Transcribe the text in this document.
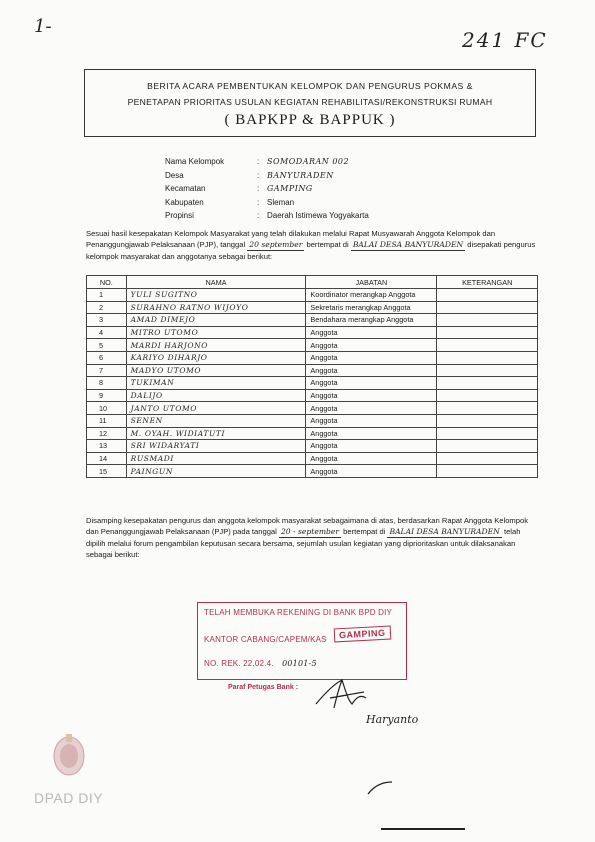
1-
241 FC
BERITA ACARA PEMBENTUKAN KELOMPOK DAN PENGURUS POKMAS &
PENETAPAN PRIORITAS USULAN KEGIATAN REHABILITASI/REKONSTRUKSI RUMAH
( BAPKPP & BAPPUK )
Nama Kelompok	: SOMODARAN 002
Desa	: BANYURADEN
Kecamatan	: GAMPING
Kabupaten	: Sleman
Propinsi	: Daerah Istimewa Yogyakarta
Sesuai hasil kesepakatan Kelompok Masyarakat yang telah dilakukan melalui Rapat Musyawarah Anggota Kelompok dan Penanggungjawab Pelaksanaan (PJP), tanggal 20 september bertempat di BALAI DESA BANYURADEN disepakati pengurus kelompok masyarakat dan anggotanya sebagai berikut:
NO.	NAMA	JABATAN	KETERANGAN
1	YULI SUGITNO	Koordinator merangkap Anggota	
2	SURAHNO RATNO WIJOYO	Sekretaris merangkap Anggota	
3	AMAD DIMEJO	Bendahara merangkap Anggota	
4	MITRO UTOMO	Anggota	
5	MARDI HARJONO	Anggota	
6	KARIYO DIHARJO	Anggota	
7	MADYO UTOMO	Anggota	
8	TUKIMAN	Anggota	
9	DALIJO	Anggota	
10	JANTO UTOMO	Anggota	
11	SENEN	Anggota	
12	M. OYAH. WIDIATUTI	Anggota	
13	SRI WIDARYATI	Anggota	
14	RUSMADI	Anggota	
15	PAINGUN	Anggota	
Disamping kesepakatan pengurus dan anggota kelompok masyarakat sebagaimana di atas, berdasarkan Rapat Anggota Kelompok dan Penanggungjawab Pelaksanaan (PJP) pada tanggal 20 - september bertempat di BALAI DESA BANYURADEN telah dipilih melalui forum pengambilan keputusan secara bersama, sejumlah usulan kegiatan yang diprioritaskan untuk dilaksanakan sebagai berikut:
TELAH MEMBUKA REKENING DI BANK BPD DIY
KANTOR CABANG/CAPEM/KAS	GAMPING
NO. REK. 22.02.4. 00101-5
Paraf Petugas Bank :
Haryanto
DPAD DIY
